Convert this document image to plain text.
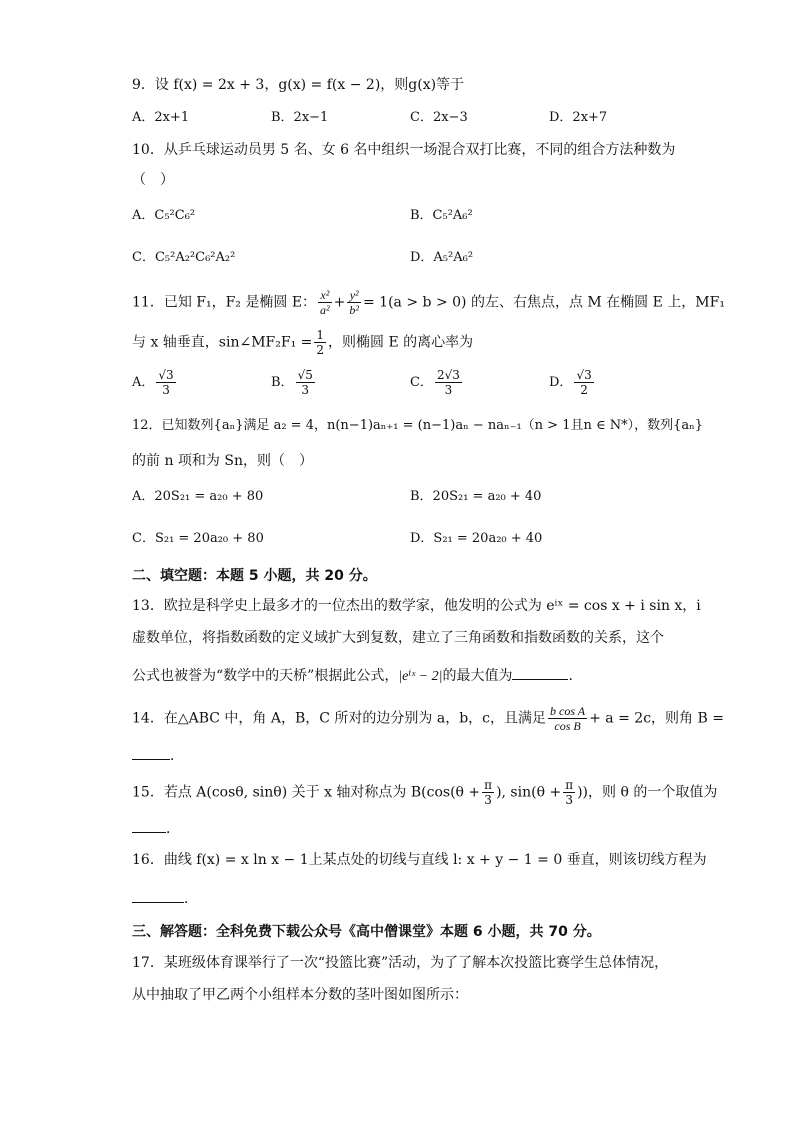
9．设 f(x) = 2x + 3，g(x) = f(x − 2)，则g(x)等于
A．2x+1	B．2x−1	C．2x−3	D．2x+7
10．从乒乓球运动员男 5 名、女 6 名中组织一场混合双打比赛，不同的组合方法种数为
（　）
A．C₅²C₆²	B．C₅²A₆²
C．C₅²A₂²C₆²A₂²	D．A₅²A₆²
11．已知 F₁，F₂ 是椭圆 E： $\frac{\text{x²}}{\text{a²}} + \frac{\text{y²}}{\text{b²}} = 1(a > b > 0)$ 的左、右焦点，点 M 在椭圆 E 上，MF₁
与 x 轴垂直，sin∠MF₂F₁ = $\frac{1}{2}$ ，则椭圆 E 的离心率为
A． $\frac{√3}{3}$	B． $\frac{√5}{3}$	C． $\frac{2√3}{3}$	D． $\frac{√3}{2}$
12．已知数列{aₙ}满足 a₂ = 4，n(n−1)aₙ₊₁ = (n−1)aₙ − naₙ₋₁（n > 1且n ∈ N*），数列{aₙ}
的前 n 项和为 Sn，则（　）
A．20S₂₁ = a₂₀ + 80	B．20S₂₁ = a₂₀ + 40
C．S₂₁ = 20a₂₀ + 80	D．S₂₁ = 20a₂₀ + 40
二、填空题：本题 5 小题，共 20 分。
13．欧拉是科学史上最多才的一位杰出的数学家，他发明的公式为 eⁱˣ = cos x + i sin x，i
虚数单位，将指数函数的定义域扩大到复数，建立了三角函数和指数函数的关系，这个
公式也被誉为“数学中的天桥”根据此公式，|eⁱˣ − 2|的最大值为	．
14．在△ABC 中，角 A，B，C 所对的边分别为 a，b，c，且满足 $\frac{\text{b cos A}}{\text{cos B}} + a = 2c$，则角 B =
．
15．若点 A(cosθ, sinθ) 关于 x 轴对称点为 $B(\cos(\theta + \frac{\pi}{3}$ ), $\sin(\theta + \frac{\pi}{3}$ ))，则 θ 的一个取值为
．
16．曲线 f(x) = x ln x − 1上某点处的切线与直线 l: x + y − 1 = 0 垂直，则该切线方程为
．
三、解答题：全科免费下载公众号《高中僧课堂》本题 6 小题，共 70 分。
17．某班级体育课举行了一次“投篮比赛”活动，为了了解本次投篮比赛学生总体情况，
从中抽取了甲乙两个小组样本分数的茎叶图如图所示：
